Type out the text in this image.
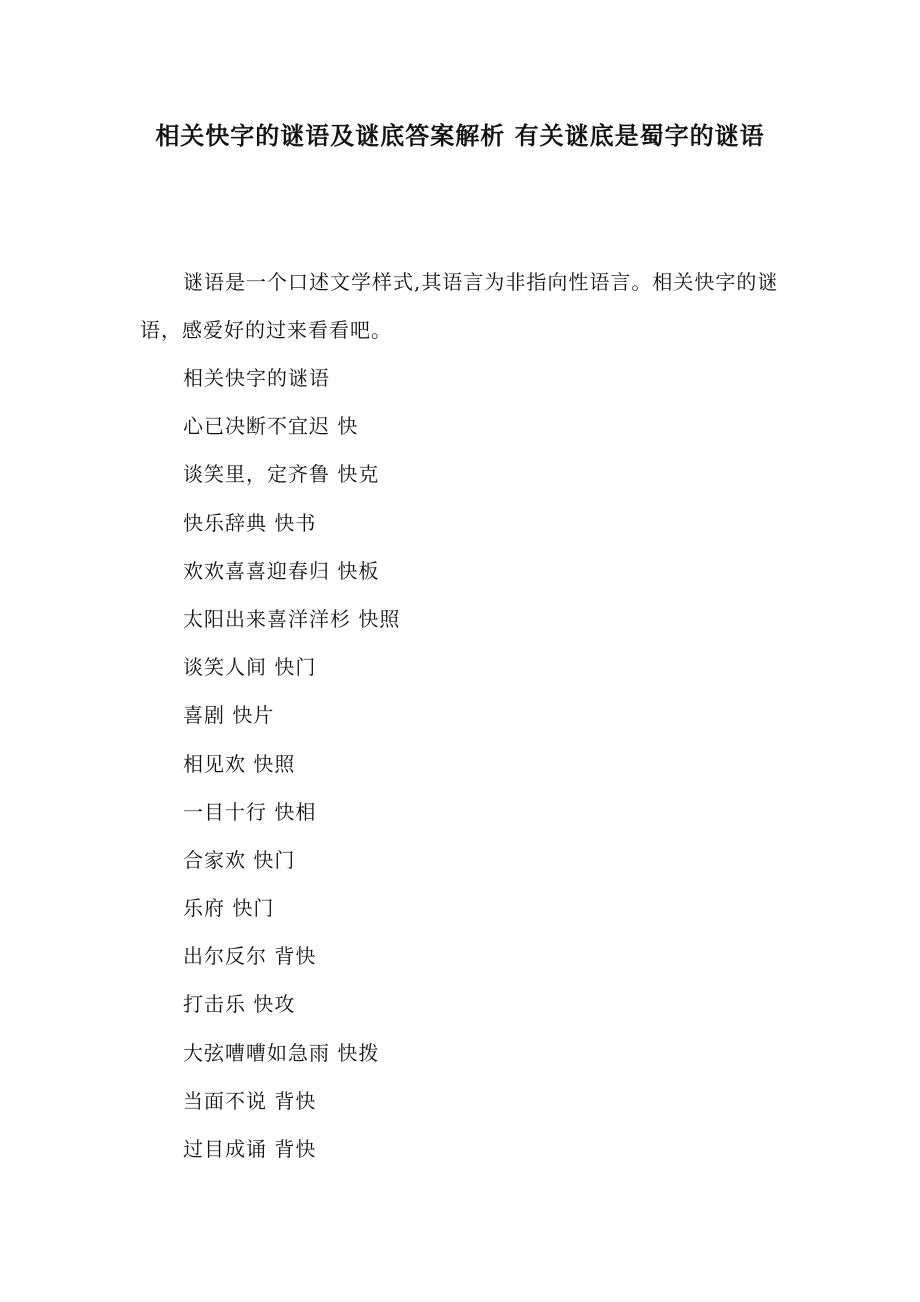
相关快字的谜语及谜底答案解析 有关谜底是蜀字的谜语
谜语是一个口述文学样式,其语言为非指向性语言。相关快字的谜语，感爱好的过来看看吧。
相关快字的谜语
心已决断不宜迟 快
谈笑里，定齐鲁 快克
快乐辞典 快书
欢欢喜喜迎春归 快板
太阳出来喜洋洋杉 快照
谈笑人间 快门
喜剧 快片
相见欢 快照
一目十行 快相
合家欢 快门
乐府 快门
出尔反尔 背快
打击乐 快攻
大弦嘈嘈如急雨 快拨
当面不说 背快
过目成诵 背快
